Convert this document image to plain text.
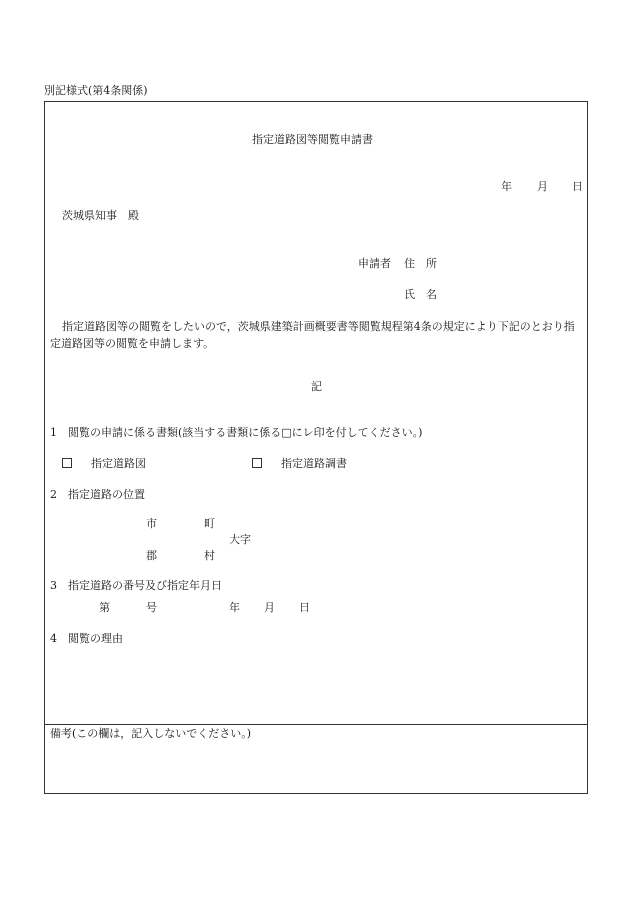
別記様式(第4条関係)
指定道路図等閲覧申請書
年 月 日
茨城県知事　殿
申請者 住　所
氏　名
指定道路図等の閲覧をしたいので，茨城県建築計画概要書等閲覧規程第4条の規定により下記のとおり指定道路図等の閲覧を申請します。
記
1　閲覧の申請に係る書類(該当する書類に係る□にレ印を付してください。)
指定道路図	指定道路調書
2　指定道路の位置
市	町
大字
郡	村
3　指定道路の番号及び指定年月日
第	号	年 月 日
4　閲覧の理由
備考(この欄は，記入しないでください。)
